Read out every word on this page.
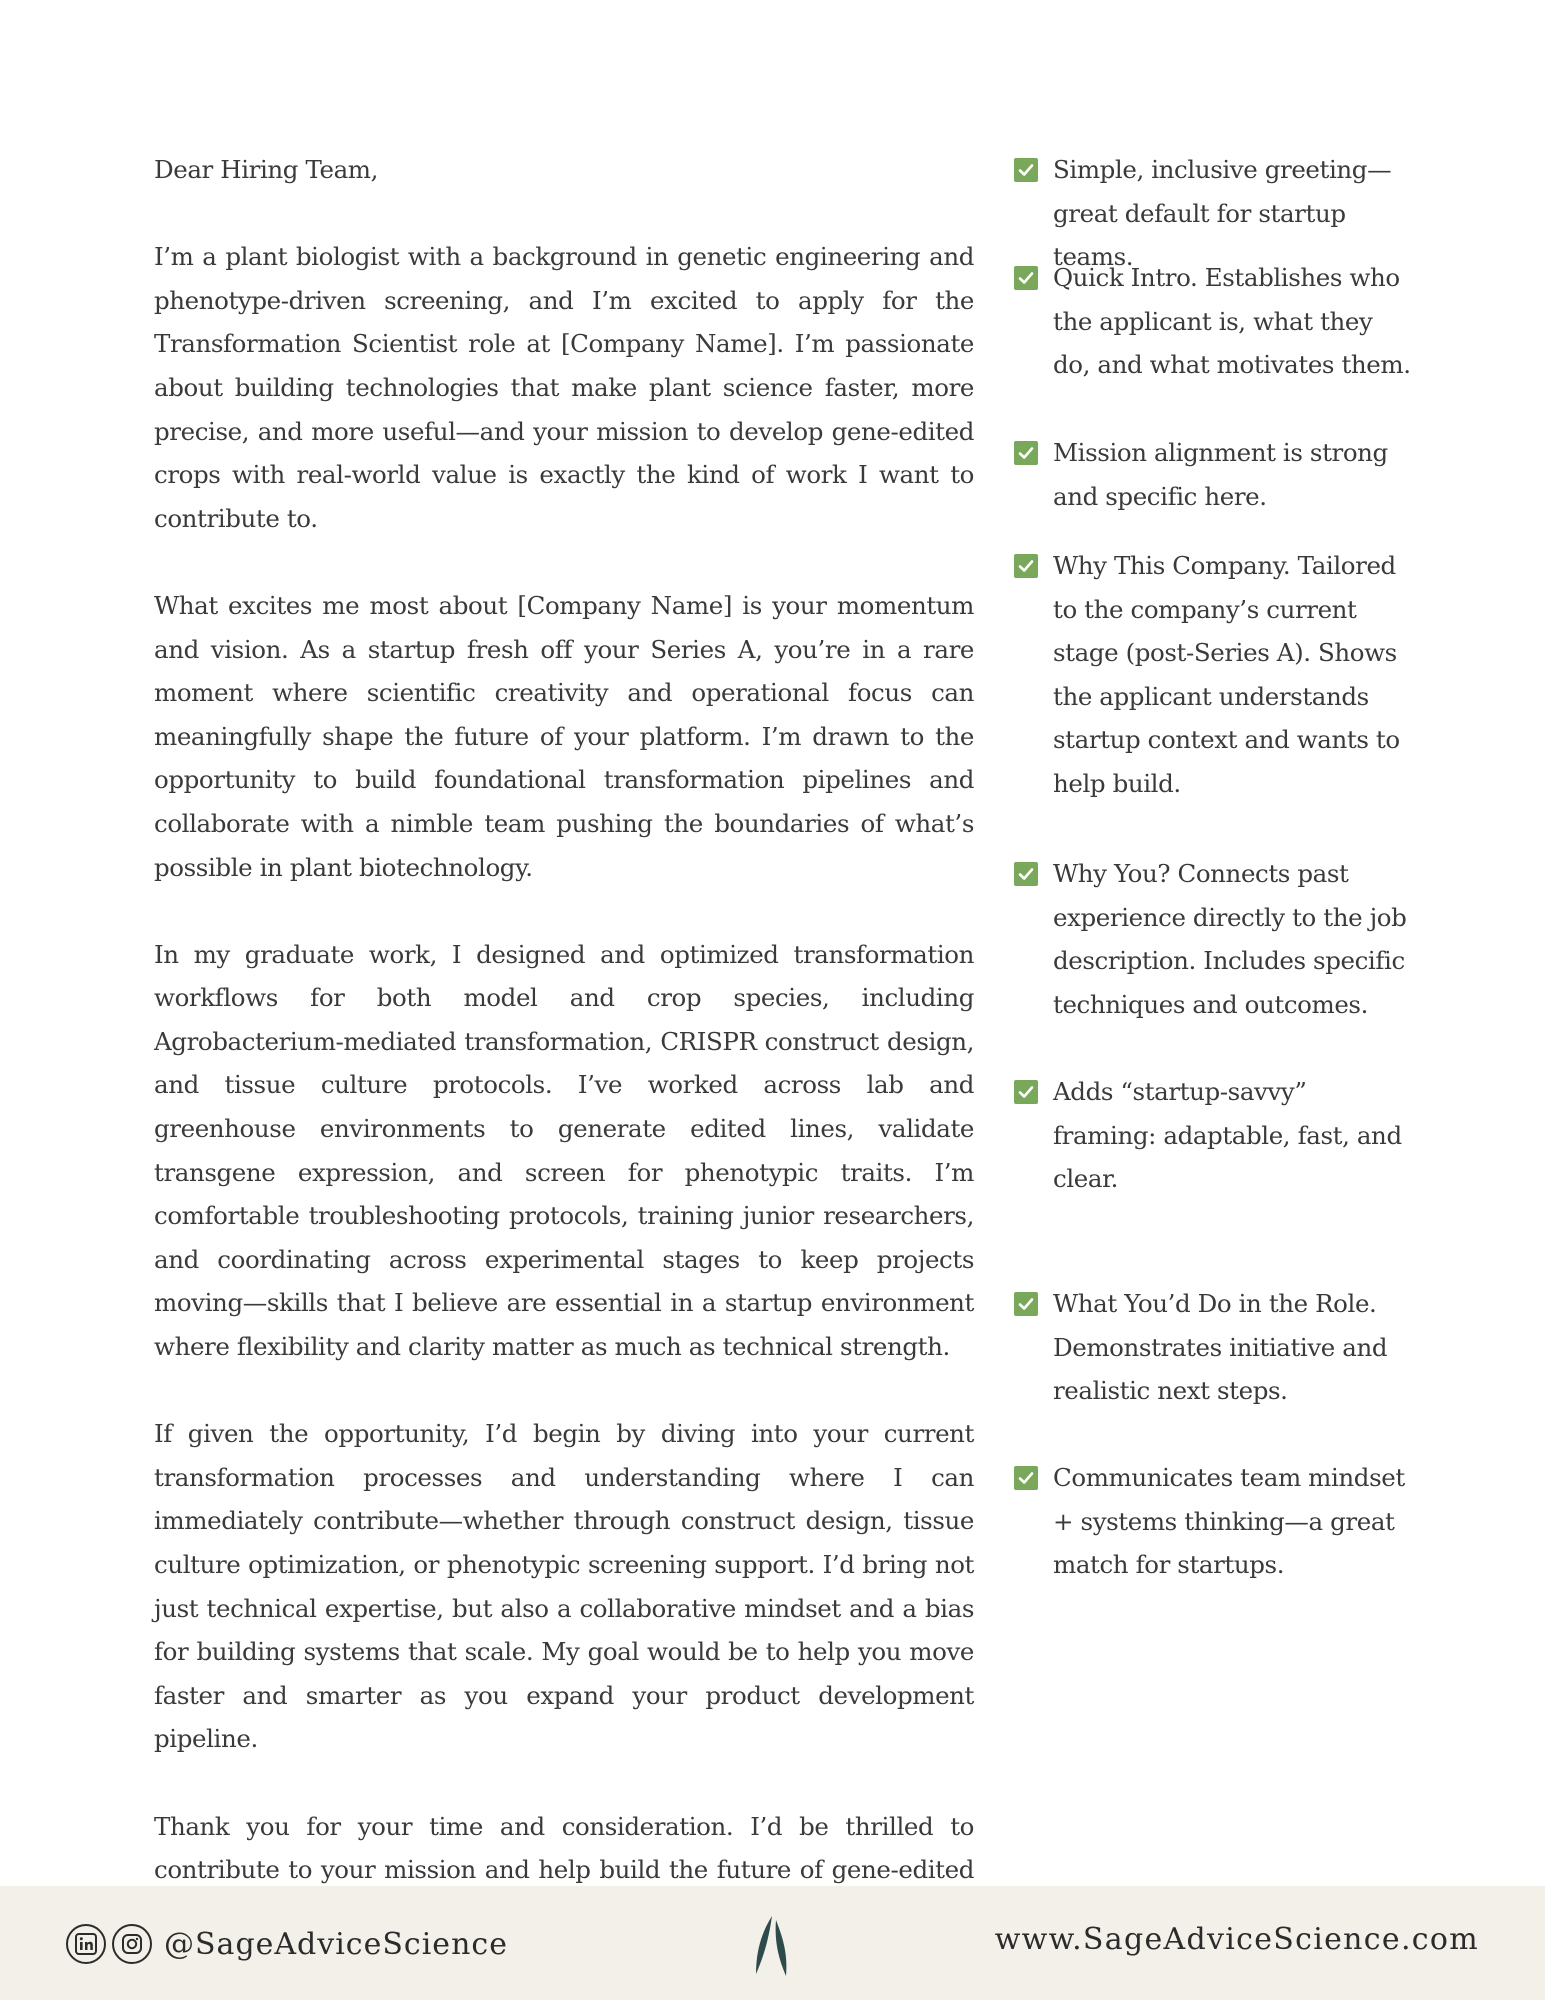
Dear Hiring Team,

I’m a plant biologist with a background in genetic engineering and phenotype-driven screening, and I’m excited to apply for the Transformation Scientist role at [Company Name]. I’m passionate about building technologies that make plant science faster, more precise, and more useful—and your mission to develop gene-edited crops with real-world value is exactly the kind of work I want to contribute to.

What excites me most about [Company Name] is your momentum and vision. As a startup fresh off your Series A, you’re in a rare moment where scientific creativity and operational focus can meaningfully shape the future of your platform. I’m drawn to the opportunity to build foundational transformation pipelines and collaborate with a nimble team pushing the boundaries of what’s possible in plant biotechnology.

In my graduate work, I designed and optimized transformation workflows for both model and crop species, including Agrobacterium-mediated transformation, CRISPR construct design, and tissue culture protocols. I’ve worked across lab and greenhouse environments to generate edited lines, validate transgene expression, and screen for phenotypic traits. I’m comfortable troubleshooting protocols, training junior researchers, and coordinating across experimental stages to keep projects moving—skills that I believe are essential in a startup environment where flexibility and clarity matter as much as technical strength.

If given the opportunity, I’d begin by diving into your current transformation processes and understanding where I can immediately contribute—whether through construct design, tissue culture optimization, or phenotypic screening support. I’d bring not just technical expertise, but also a collaborative mindset and a bias for building systems that scale. My goal would be to help you move faster and smarter as you expand your product development pipeline.

Thank you for your time and consideration. I’d be thrilled to contribute to your mission and help build the future of gene-edited

Simple, inclusive greeting—great default for startup teams.
Quick Intro. Establishes who the applicant is, what they do, and what motivates them.
Mission alignment is strong and specific here.
Why This Company. Tailored to the company’s current stage (post-Series A). Shows the applicant understands startup context and wants to help build.
Why You? Connects past experience directly to the job description. Includes specific techniques and outcomes.
Adds “startup-savvy” framing: adaptable, fast, and clear.
What You’d Do in the Role. Demonstrates initiative and realistic next steps.
Communicates team mindset + systems thinking—a great match for startups.
@SageAdviceScience	www.SageAdviceScience.com
